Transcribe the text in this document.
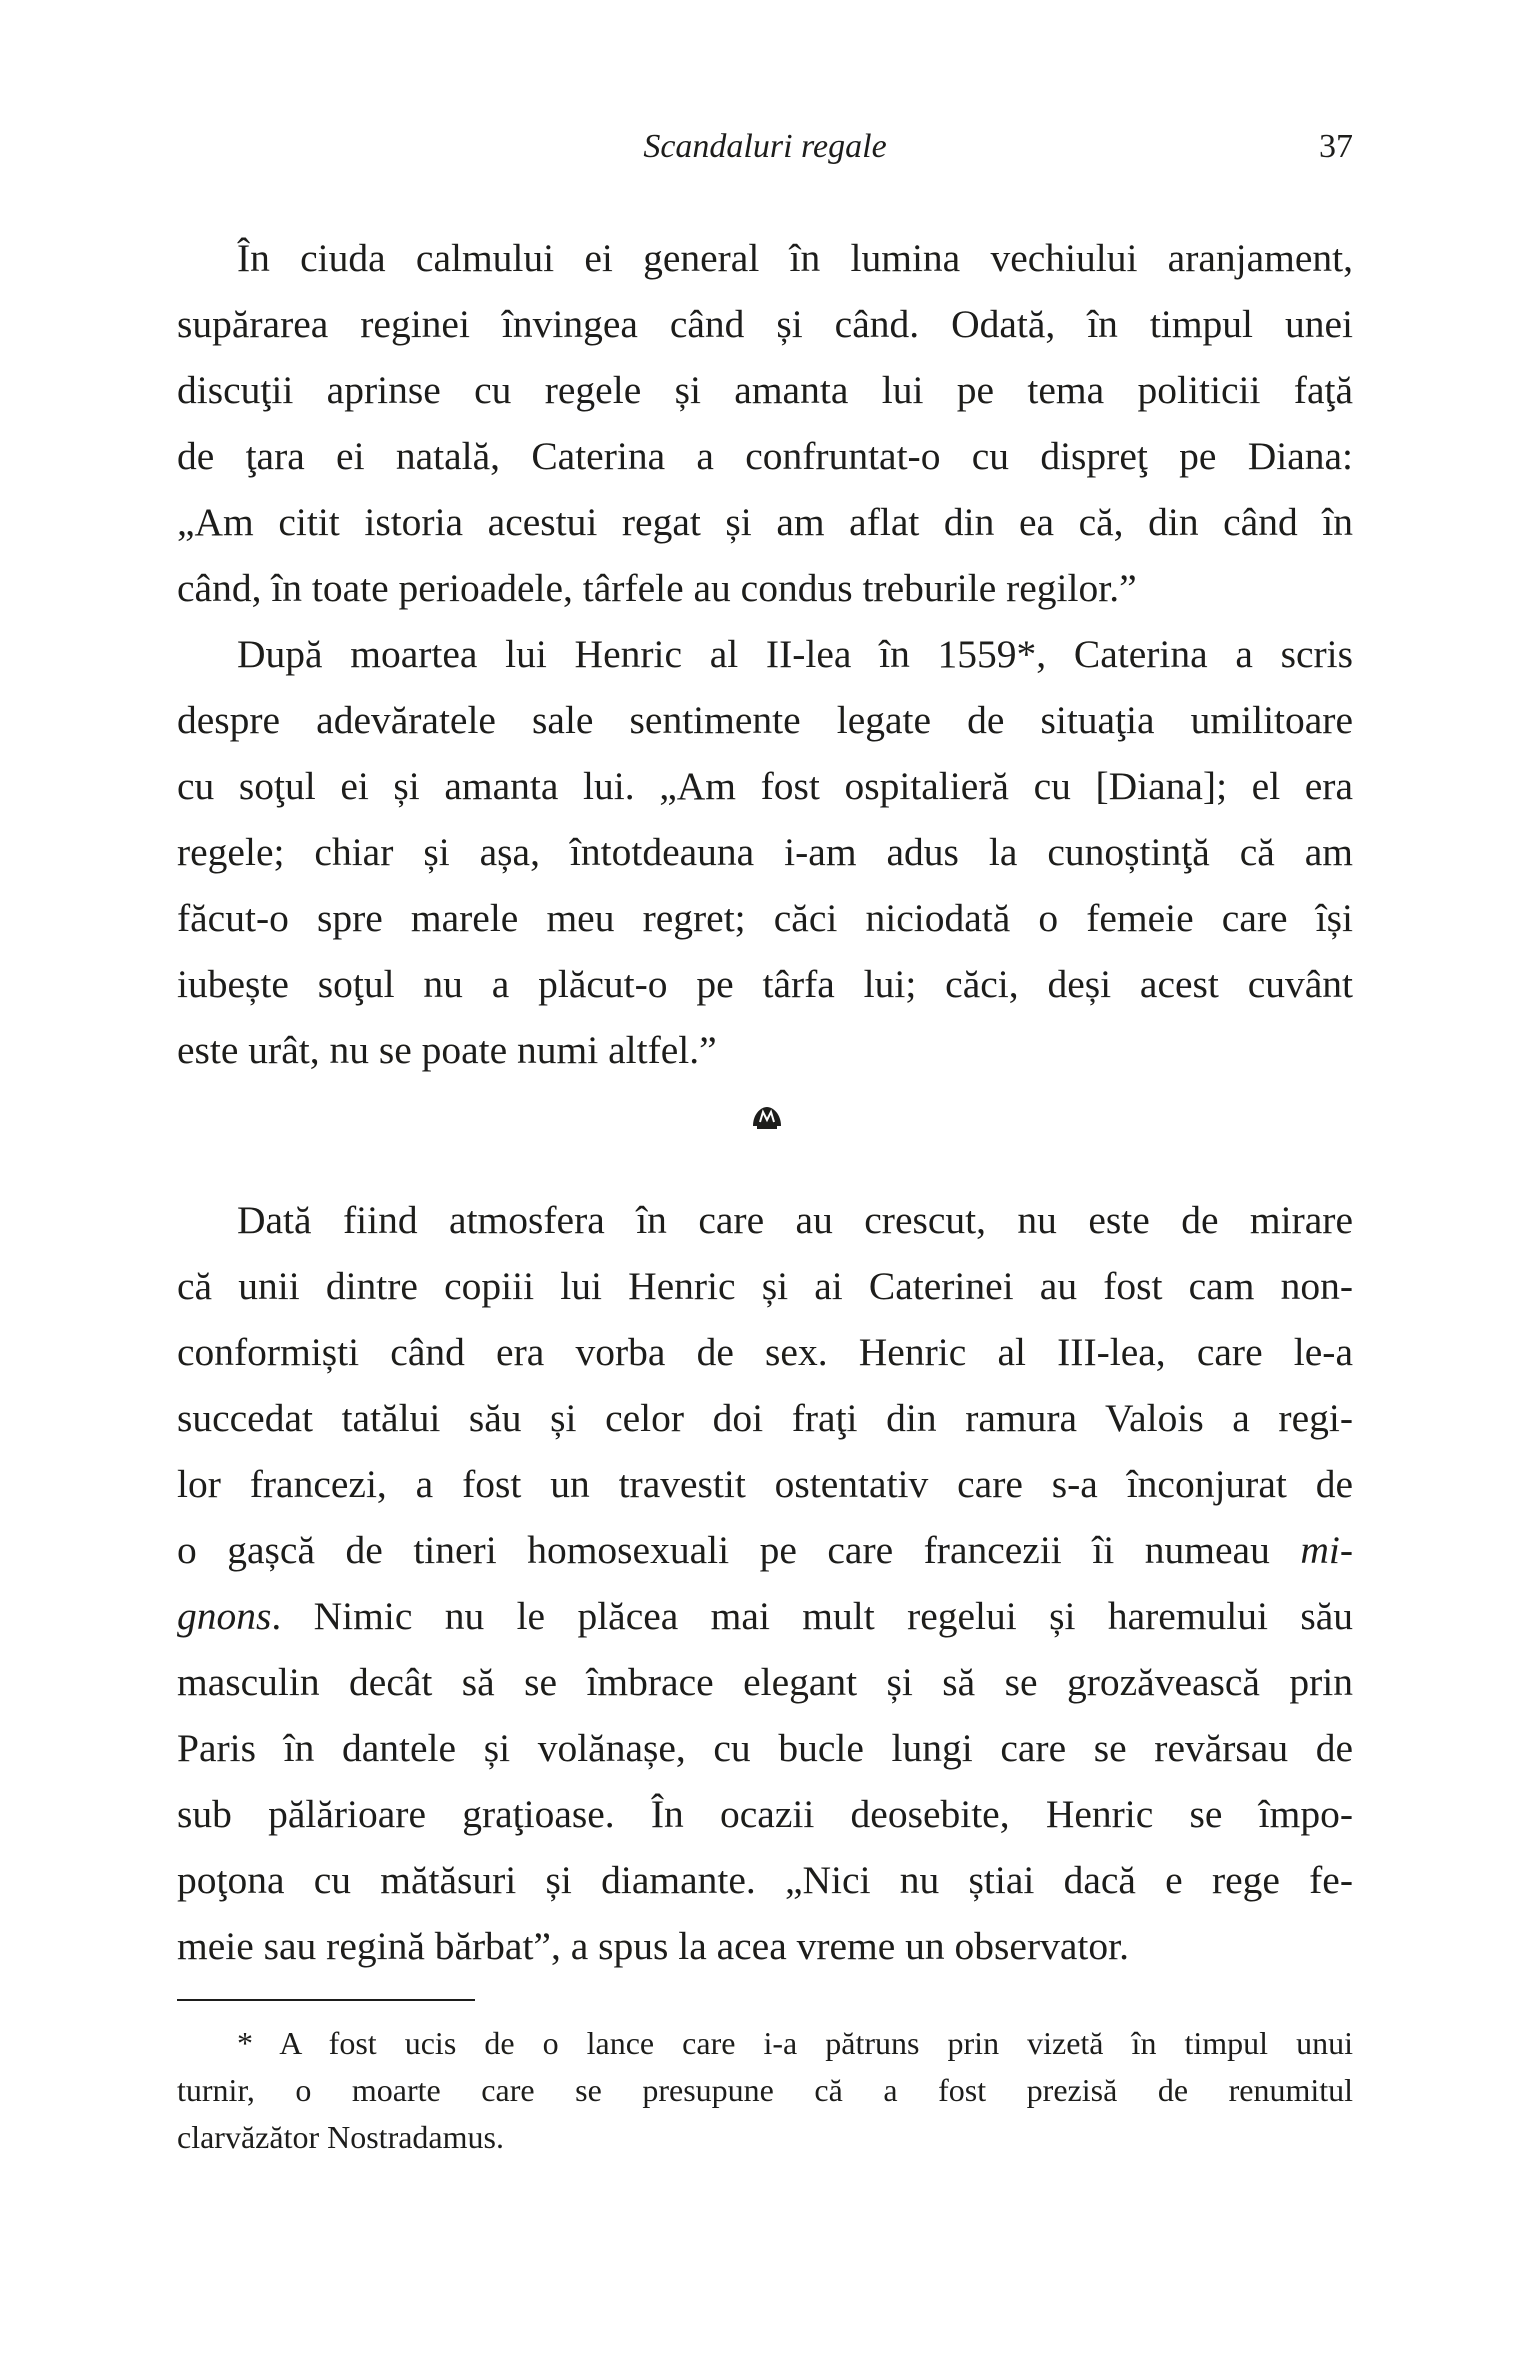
Scandaluri regale	37
În ciuda calmului ei general în lumina vechiului aranjament,
supărarea reginei învingea când și când. Odată, în timpul unei
discuţii aprinse cu regele și amanta lui pe tema politicii faţă
de ţara ei natală, Caterina a confruntat-o cu dispreţ pe Diana:
„Am citit istoria acestui regat și am aflat din ea că, din când în
când, în toate perioadele, târfele au condus treburile regilor.”
După moartea lui Henric al II-lea în 1559*, Caterina a scris
despre adevăratele sale sentimente legate de situaţia umilitoare
cu soţul ei și amanta lui. „Am fost ospitalieră cu [Diana]; el era
regele; chiar și așa, întotdeauna i-am adus la cunoștinţă că am
făcut-o spre marele meu regret; căci niciodată o femeie care își
iubește soţul nu a plăcut-o pe târfa lui; căci, deși acest cuvânt
este urât, nu se poate numi altfel.”
Dată fiind atmosfera în care au crescut, nu este de mirare
că unii dintre copiii lui Henric și ai Caterinei au fost cam non-
conformiști când era vorba de sex. Henric al III-lea, care le-a
succedat tatălui său și celor doi fraţi din ramura Valois a regi-
lor francezi, a fost un travestit ostentativ care s-a înconjurat de
o gașcă de tineri homosexuali pe care francezii îi numeau mi-
gnons. Nimic nu le plăcea mai mult regelui și haremului său
masculin decât să se îmbrace elegant și să se grozăvească prin
Paris în dantele și volănașe, cu bucle lungi care se revărsau de
sub pălărioare graţioase. În ocazii deosebite, Henric se împo-
poţona cu mătăsuri și diamante. „Nici nu știai dacă e rege fe-
meie sau regină bărbat”, a spus la acea vreme un observator.
* A fost ucis de o lance care i-a pătruns prin vizetă în timpul unui
turnir, o moarte care se presupune că a fost prezisă de renumitul
clarvăzător Nostradamus.
